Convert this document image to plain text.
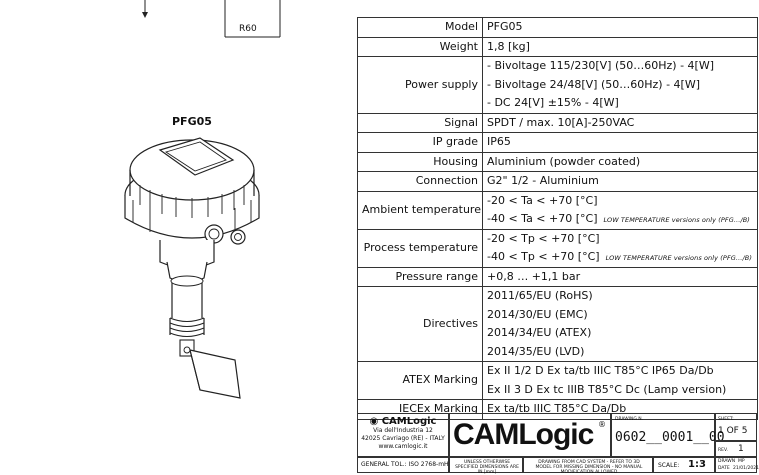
R60
PFG05
Model	PFG05

Weight	1,8 [kg]

Power supply	- Bivoltage 115/230[V] (50…60Hz) - 4[W]
- Bivoltage 24/48[V] (50…60Hz) - 4[W]
- DC 24[V] ±15% - 4[W]

Signal	SPDT / max. 10[A]-250VAC

IP grade	IP65

Housing	Aluminium (powder coated)

Connection	G2" 1/2 - Aluminium

Ambient temperature	-20 < Ta < +70 [°C]
-40 < Ta < +70 [°C] LOW TEMPERATURE versions only (PFG…/B)

Process temperature	-20 < Tp < +70 [°C]
-40 < Tp < +70 [°C] LOW TEMPERATURE versions only (PFG…/B)

Pressure range	+0,8 … +1,1 bar

Directives	2011/65/EU (RoHS)
2014/30/EU (EMC)
2014/34/EU (ATEX)
2014/35/EU (LVD)

ATEX Marking	Ex II 1/2 D Ex ta/tb IIIC T85°C IP65 Da/Db
Ex II 3 D Ex tc IIIB T85°C Dc (Lamp version)

IECEx Marking	Ex ta/tb IIIC T85°C Da/Db
◉ CAMLogic
Via dell'Industria 12
42025 Cavriago (RE) - ITALY
www.camlogic.it CAMLogic ®
DRAWING N.
0602__0001__00
SHEET:
1 OF 5
REV. 1
GENERAL TOL.: ISO 2768-mH	UNLESS OTHERWISE SPECIFIED DIMENSIONS ARE IN [mm]
DRAWING FROM CAD SYSTEM - REFER TO 3D MODEL FOR MISSING DIMENSION - NO MANUAL MODIFICATION ALLOWED
SCALE: 1:3	DRAWN MP
DATE 21/01/2021
